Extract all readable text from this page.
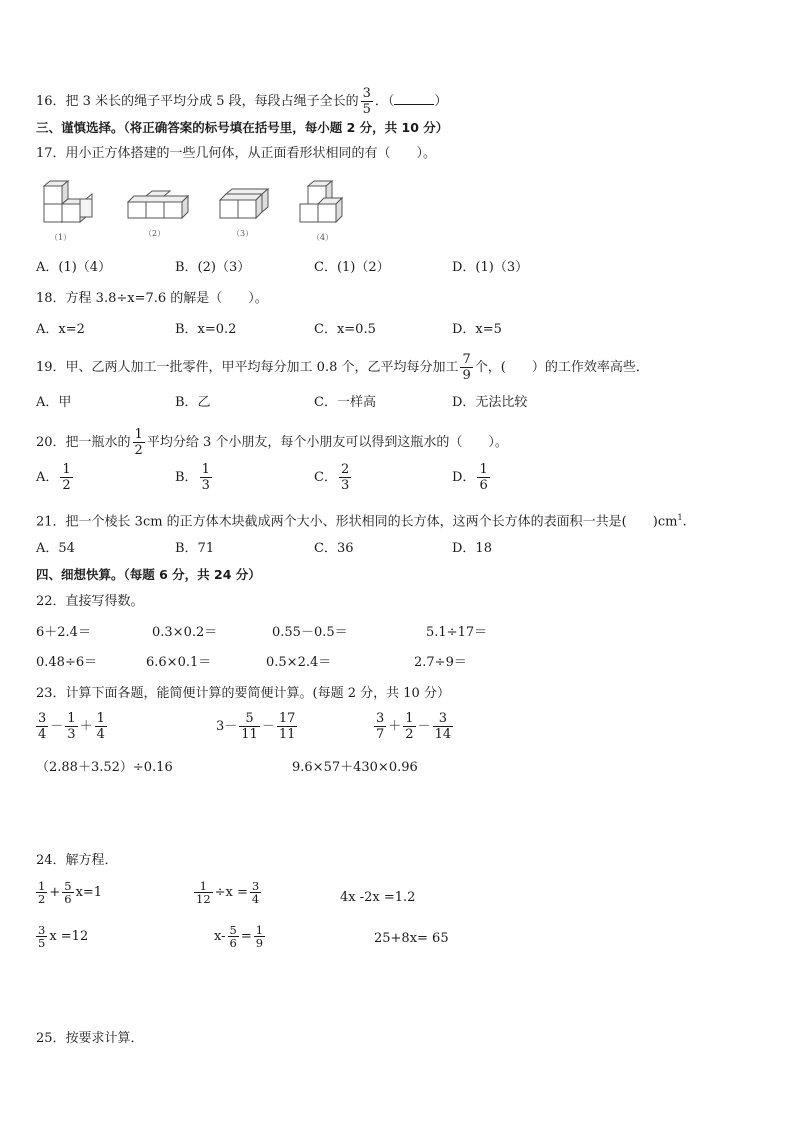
16．把 3 米长的绳子平均分成 5 段，每段占绳子全长的 $\frac{3}{5}$ ．（	）
三、谨慎选择。（将正确答案的标号填在括号里，每小题 2 分，共 10 分）
17．用小正方体搭建的一些几何体，从正面看形状相同的有（　　）。
（1）	（2）	（3）	（4）
A．(1)（4）	B．(2)（3）	C．(1)（2）	D．(1)（3）
18．方程 3.8÷x=7.6 的解是（　　）。
A．x=2	B．x=0.2	C．x=0.5	D．x=5
19．甲、乙两人加工一批零件，甲平均每分加工 0.8 个，乙平均每分加工 $\frac{7}{9}$ 个，(　　）的工作效率高些．
A．甲	B．乙	C．一样高	D．无法比较
20．把一瓶水的 $\frac{1}{2}$ 平均分给 3 个小朋友，每个小朋友可以得到这瓶水的（　　）。
A． $\frac{1}{2}$	B． $\frac{1}{3}$	C． $\frac{2}{3}$	D． $\frac{1}{6}$
21．把一个棱长 3cm 的正方体木块截成两个大小、形状相同的长方体，这两个长方体的表面积一共是(　　)$cm^1$.
A．54	B．71	C．36	D．18
四、细想快算。（每题 6 分，共 24 分）
22．直接写得数。
6＋2.4＝	0.3×0.2＝	0.55－0.5＝	5.1÷17＝
0.48÷6＝	6.6×0.1＝	0.5×2.4＝	2.7÷9＝
23．计算下面各题，能简便计算的要简便计算。(每题 2 分，共 10 分）
$\frac{3}{4} - \frac{1}{3} + \frac{1}{4}$	$3- \frac{5}{11} - \frac{17}{11}$	$\frac{3}{7} + \frac{1}{2} - \frac{3}{14}$
（2.88＋3.52）÷0.16	9.6×57＋430×0.96
24．解方程．
$\frac{1}{2} + \frac{5}{6} x=1$	$\frac{1}{12} \div x = \frac{3}{4}$	4x -2x =1.2
$\frac{3}{5}$ x =12	$x- \frac{5}{6} = \frac{1}{9}$	25+8x= 65
25．按要求计算．
